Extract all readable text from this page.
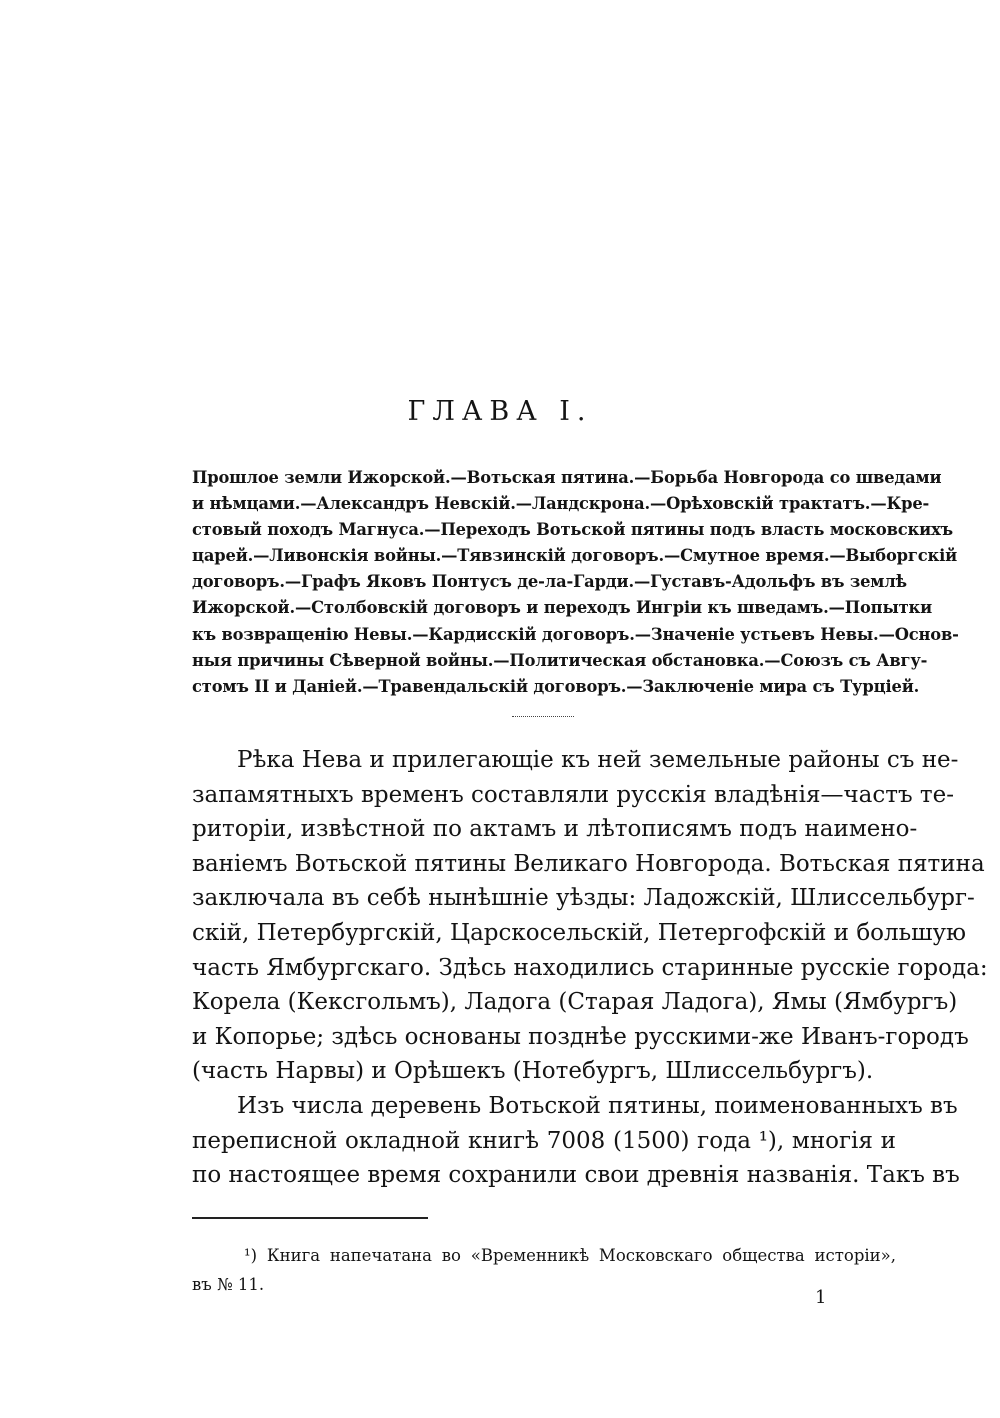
ГЛАВА I.
Прошлое земли Ижорской.—Вотьская пятина.—Борьба Новгорода со шведами
и нѣмцами.—Александръ Невскій.—Ландскрона.—Орѣховскій трактатъ.—Кре-
стовый походъ Магнуса.—Переходъ Вотьской пятины подъ власть московскихъ
царей.—Ливонскія войны.—Тявзинскій договоръ.—Смутное время.—Выборгскій
договоръ.—Графъ Яковъ Понтусъ де-ла-Гарди.—Густавъ-Адольфъ въ землѣ
Ижорской.—Столбовскій договоръ и переходъ Ингріи къ шведамъ.—Попытки
къ возвращенію Невы.—Кардисскій договоръ.—Значеніе устьевъ Невы.—Основ-
ныя причины Сѣверной войны.—Политическая обстановка.—Союзъ съ Авгу-
стомъ II и Даніей.—Травендальскій договоръ.—Заключеніе мира съ Турціей.
Рѣка Нева и прилегающіе къ ней земельные районы съ не-
запамятныхъ временъ составляли русскія владѣнія—частъ те-
риторіи, извѣстной по актамъ и лѣтописямъ подъ наимено-
ваніемъ Вотьской пятины Великаго Новгорода. Вотьская пятина
заключала въ себѣ нынѣшніе уѣзды: Ладожскій, Шлиссельбург-
скій, Петербургскій, Царскосельскій, Петергофскій и большую
часть Ямбургскаго. Здѣсь находились старинные русскіе города:
Корела (Кексгольмъ), Ладога (Старая Ладога), Ямы (Ямбургъ)
и Копорье; здѣсь основаны позднѣе русскими-же Иванъ-городъ
(часть Нарвы) и Орѣшекъ (Нотебургъ, Шлиссельбургъ).
Изъ числа деревень Вотьской пятины, поименованныхъ въ
переписной окладной книгѣ 7008 (1500) года ¹), многія и
по настоящее время сохранили свои древнія названія. Такъ въ
¹) Книга напечатана во «Временникѣ Московскаго общества исторіи»,
въ № 11.
1
